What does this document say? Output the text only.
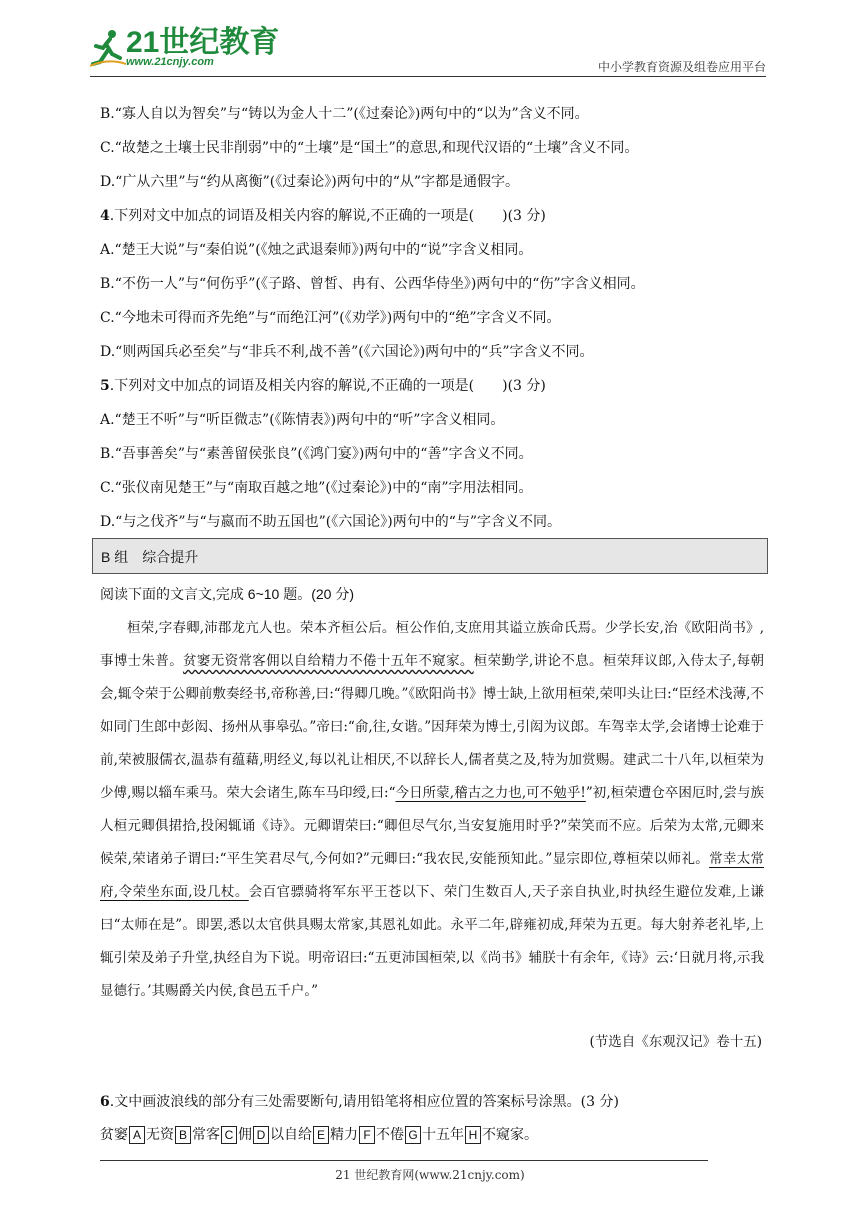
21世纪教育
www.21cnjy.com	中小学教育资源及组卷应用平台
B.“寡人自以为智矣”与“铸以为金人十二”(《过秦论》)两句中的“以为”含义不同。
C.“故楚之土壤士民非削弱”中的“土壤”是“国土”的意思,和现代汉语的“土壤”含义不同。
D.“广从六里”与“约从离衡”(《过秦论》)两句中的“从”字都是通假字。
4.下列对文中加点的词语及相关内容的解说,不正确的一项是(　　)(3 分)
A.“楚王大说”与“秦伯说”(《烛之武退秦师》)两句中的“说”字含义相同。
B.“不伤一人”与“何伤乎”(《子路、曾皙、冉有、公西华侍坐》)两句中的“伤”字含义相同。
C.“今地未可得而齐先绝”与“而绝江河”(《劝学》)两句中的“绝”字含义不同。
D.“则两国兵必至矣”与“非兵不利,战不善”(《六国论》)两句中的“兵”字含义不同。
5.下列对文中加点的词语及相关内容的解说,不正确的一项是(　　)(3 分)
A.“楚王不听”与“听臣微志”(《陈情表》)两句中的“听”字含义相同。
B.“吾事善矣”与“素善留侯张良”(《鸿门宴》)两句中的“善”字含义不同。
C.“张仪南见楚王”与“南取百越之地”(《过秦论》)中的“南”字用法相同。
D.“与之伐齐”与“与嬴而不助五国也”(《六国论》)两句中的“与”字含义不同。
B 组　综合提升
阅读下面的文言文,完成 6~10 题。(20 分)

桓荣,字春卿,沛郡龙亢人也。荣本齐桓公后。桓公作伯,支庶用其谥立族命氏焉。少学长安,治《欧阳尚书》,事博士朱普。贫窭无资常客佣以自给精力不倦十五年不窥家。桓荣勤学,讲论不息。桓荣拜议郎,入侍太子,每朝会,辄令荣于公卿前敷奏经书,帝称善,曰:“得卿几晚。”《欧阳尚书》博士缺,上欲用桓荣,荣叩头让曰:“臣经术浅薄,不如同门生郎中彭闳、扬州从事皋弘。”帝曰:“俞,往,女谐。”因拜荣为博士,引闳为议郎。车驾幸太学,会诸博士论难于前,荣被服儒衣,温恭有蕴藉,明经义,每以礼让相厌,不以辞长人,儒者莫之及,特为加赏赐。建武二十八年,以桓荣为少傅,赐以辎车乘马。荣大会诸生,陈车马印绶,曰:“今日所蒙,稽古之力也,可不勉乎!”初,桓荣遭仓卒困厄时,尝与族人桓元卿俱捃拾,投闲辄诵《诗》。元卿谓荣曰:“卿但尽气尔,当安复施用时乎?”荣笑而不应。后荣为太常,元卿来候荣,荣诸弟子谓曰:“平生笑君尽气,今何如?”元卿曰:“我农民,安能预知此。”显宗即位,尊桓荣以师礼。常幸太常府,令荣坐东面,设几杖。会百官骠骑将军东平王苍以下、荣门生数百人,天子亲自执业,时执经生避位发难,上谦曰“太师在是”。即罢,悉以太官供具赐太常家,其恩礼如此。永平二年,辟雍初成,拜荣为五更。每大射养老礼毕,上辄引荣及弟子升堂,执经自为下说。明帝诏曰:“五更沛国桓荣,以《尚书》辅朕十有余年,《诗》云:‘日就月将,示我显德行。’其赐爵关内侯,食邑五千户。”

(节选自《东观汉记》卷十五)
6.文中画波浪线的部分有三处需要断句,请用铅笔将相应位置的答案标号涂黑。(3 分)
贫窭 A 无资 B 常客 C 佣 D 以自给 E 精力 F 不倦 G 十五年 H 不窥家。
21 世纪教育网(www.21cnjy.com)
